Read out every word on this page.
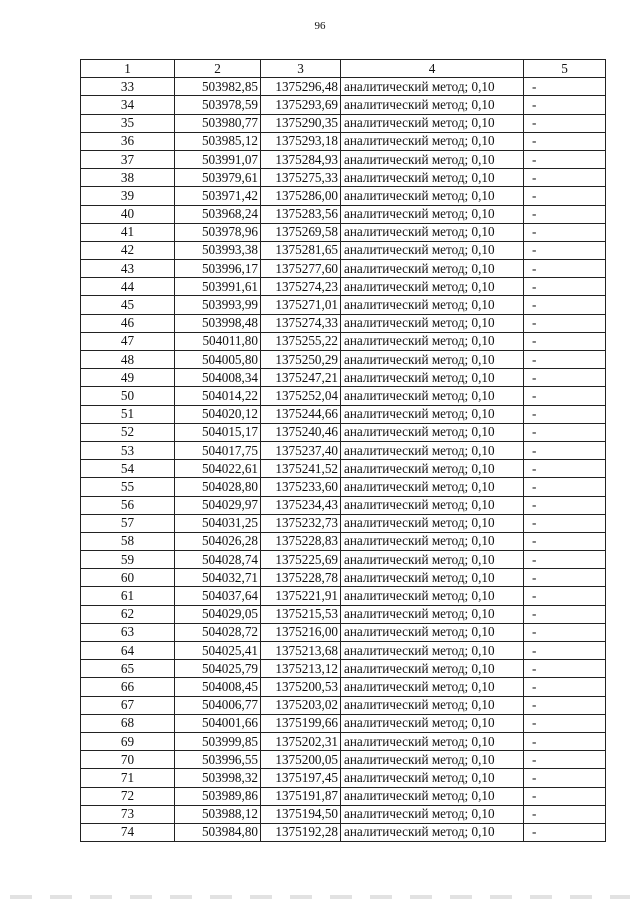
96
1	2	3	4	5
33	503982,85	1375296,48	аналитический метод; 0,10	-
34	503978,59	1375293,69	аналитический метод; 0,10	-
35	503980,77	1375290,35	аналитический метод; 0,10	-
36	503985,12	1375293,18	аналитический метод; 0,10	-
37	503991,07	1375284,93	аналитический метод; 0,10	-
38	503979,61	1375275,33	аналитический метод; 0,10	-
39	503971,42	1375286,00	аналитический метод; 0,10	-
40	503968,24	1375283,56	аналитический метод; 0,10	-
41	503978,96	1375269,58	аналитический метод; 0,10	-
42	503993,38	1375281,65	аналитический метод; 0,10	-
43	503996,17	1375277,60	аналитический метод; 0,10	-
44	503991,61	1375274,23	аналитический метод; 0,10	-
45	503993,99	1375271,01	аналитический метод; 0,10	-
46	503998,48	1375274,33	аналитический метод; 0,10	-
47	504011,80	1375255,22	аналитический метод; 0,10	-
48	504005,80	1375250,29	аналитический метод; 0,10	-
49	504008,34	1375247,21	аналитический метод; 0,10	-
50	504014,22	1375252,04	аналитический метод; 0,10	-
51	504020,12	1375244,66	аналитический метод; 0,10	-
52	504015,17	1375240,46	аналитический метод; 0,10	-
53	504017,75	1375237,40	аналитический метод; 0,10	-
54	504022,61	1375241,52	аналитический метод; 0,10	-
55	504028,80	1375233,60	аналитический метод; 0,10	-
56	504029,97	1375234,43	аналитический метод; 0,10	-
57	504031,25	1375232,73	аналитический метод; 0,10	-
58	504026,28	1375228,83	аналитический метод; 0,10	-
59	504028,74	1375225,69	аналитический метод; 0,10	-
60	504032,71	1375228,78	аналитический метод; 0,10	-
61	504037,64	1375221,91	аналитический метод; 0,10	-
62	504029,05	1375215,53	аналитический метод; 0,10	-
63	504028,72	1375216,00	аналитический метод; 0,10	-
64	504025,41	1375213,68	аналитический метод; 0,10	-
65	504025,79	1375213,12	аналитический метод; 0,10	-
66	504008,45	1375200,53	аналитический метод; 0,10	-
67	504006,77	1375203,02	аналитический метод; 0,10	-
68	504001,66	1375199,66	аналитический метод; 0,10	-
69	503999,85	1375202,31	аналитический метод; 0,10	-
70	503996,55	1375200,05	аналитический метод; 0,10	-
71	503998,32	1375197,45	аналитический метод; 0,10	-
72	503989,86	1375191,87	аналитический метод; 0,10	-
73	503988,12	1375194,50	аналитический метод; 0,10	-
74	503984,80	1375192,28	аналитический метод; 0,10	-
